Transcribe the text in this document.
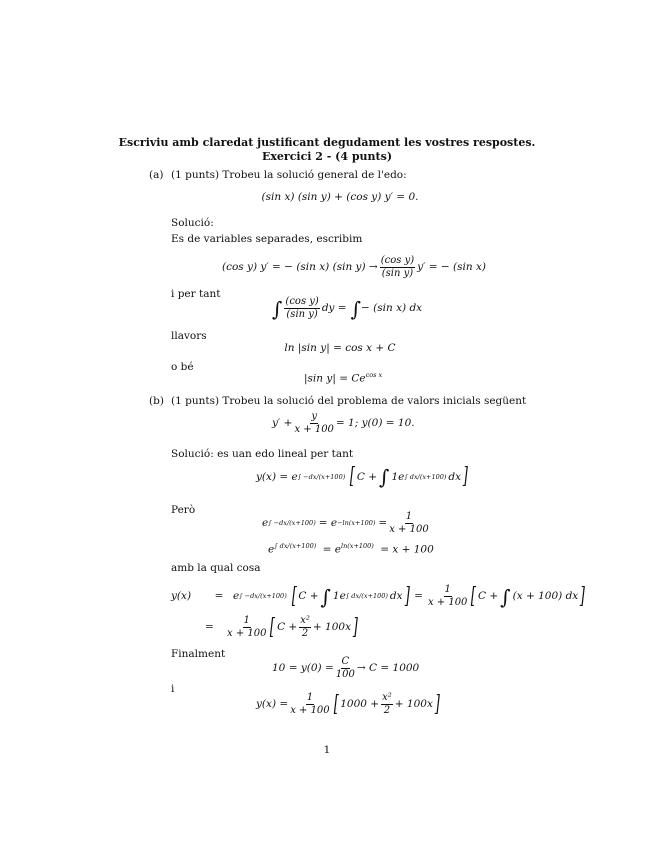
Escriviu amb claredat justificant degudament les vostres respostes.
Exercici 2 - (4 punts)
(a) (1 punts) Trobeu la solució general de l'edo:
(sin x) (sin y) + (cos y) y′ = 0.
Solució:
Es de variables separades, escribim
(cos y) y′ = − (sin x) (sin $y) \to \frac{\text{(cos y)}}{\text{(sin y)}} y'$ = − (sin x)
i per tant
∫ $\frac{\text{(cos y)}}{\text{(sin y)}}$ dy = ∫ − (sin x) dx
llavors
ln |sin y| = cos x + C
o bé
|sin $y| = Ce^{cos x}$
(b) (1 punts) Trobeu la solució del problema de valors inicials següent
$y' + \frac{y}{x + 100} = 1$; y(0) = 10.
Solució: es uan edo lineal per tant
y(x) = e ∫ −dx/(x+100) [ C + ∫ 1e ∫ dx/(x+100) dx ]
Però
e ∫ $-dx/(x+100) = e -\ln(x+100) = \frac{1}{x + 100}$
$e^{\int dx/(x+100)} = e^{ln(x+100)} = x + 100$
amb la qual cosa
y(x)	= e ∫ −dx/(x+100) [ C + ∫ 1e ∫ dx/(x+100) dx ] = $\frac{1}{x + 100}$ [ C + ∫ (x + 100) dx ]
=	$\frac{1}{x + 100}$ [ $C + \frac{\text{x²}}{2} + 100x$ ]
Finalment
$10 = y(0) = \frac{C}{100} \to C = 1000$
i
$y(x) = \frac{1}{x + 100}$ [ $1000 + \frac{\text{x²}}{2} + 100x$ ]
1
